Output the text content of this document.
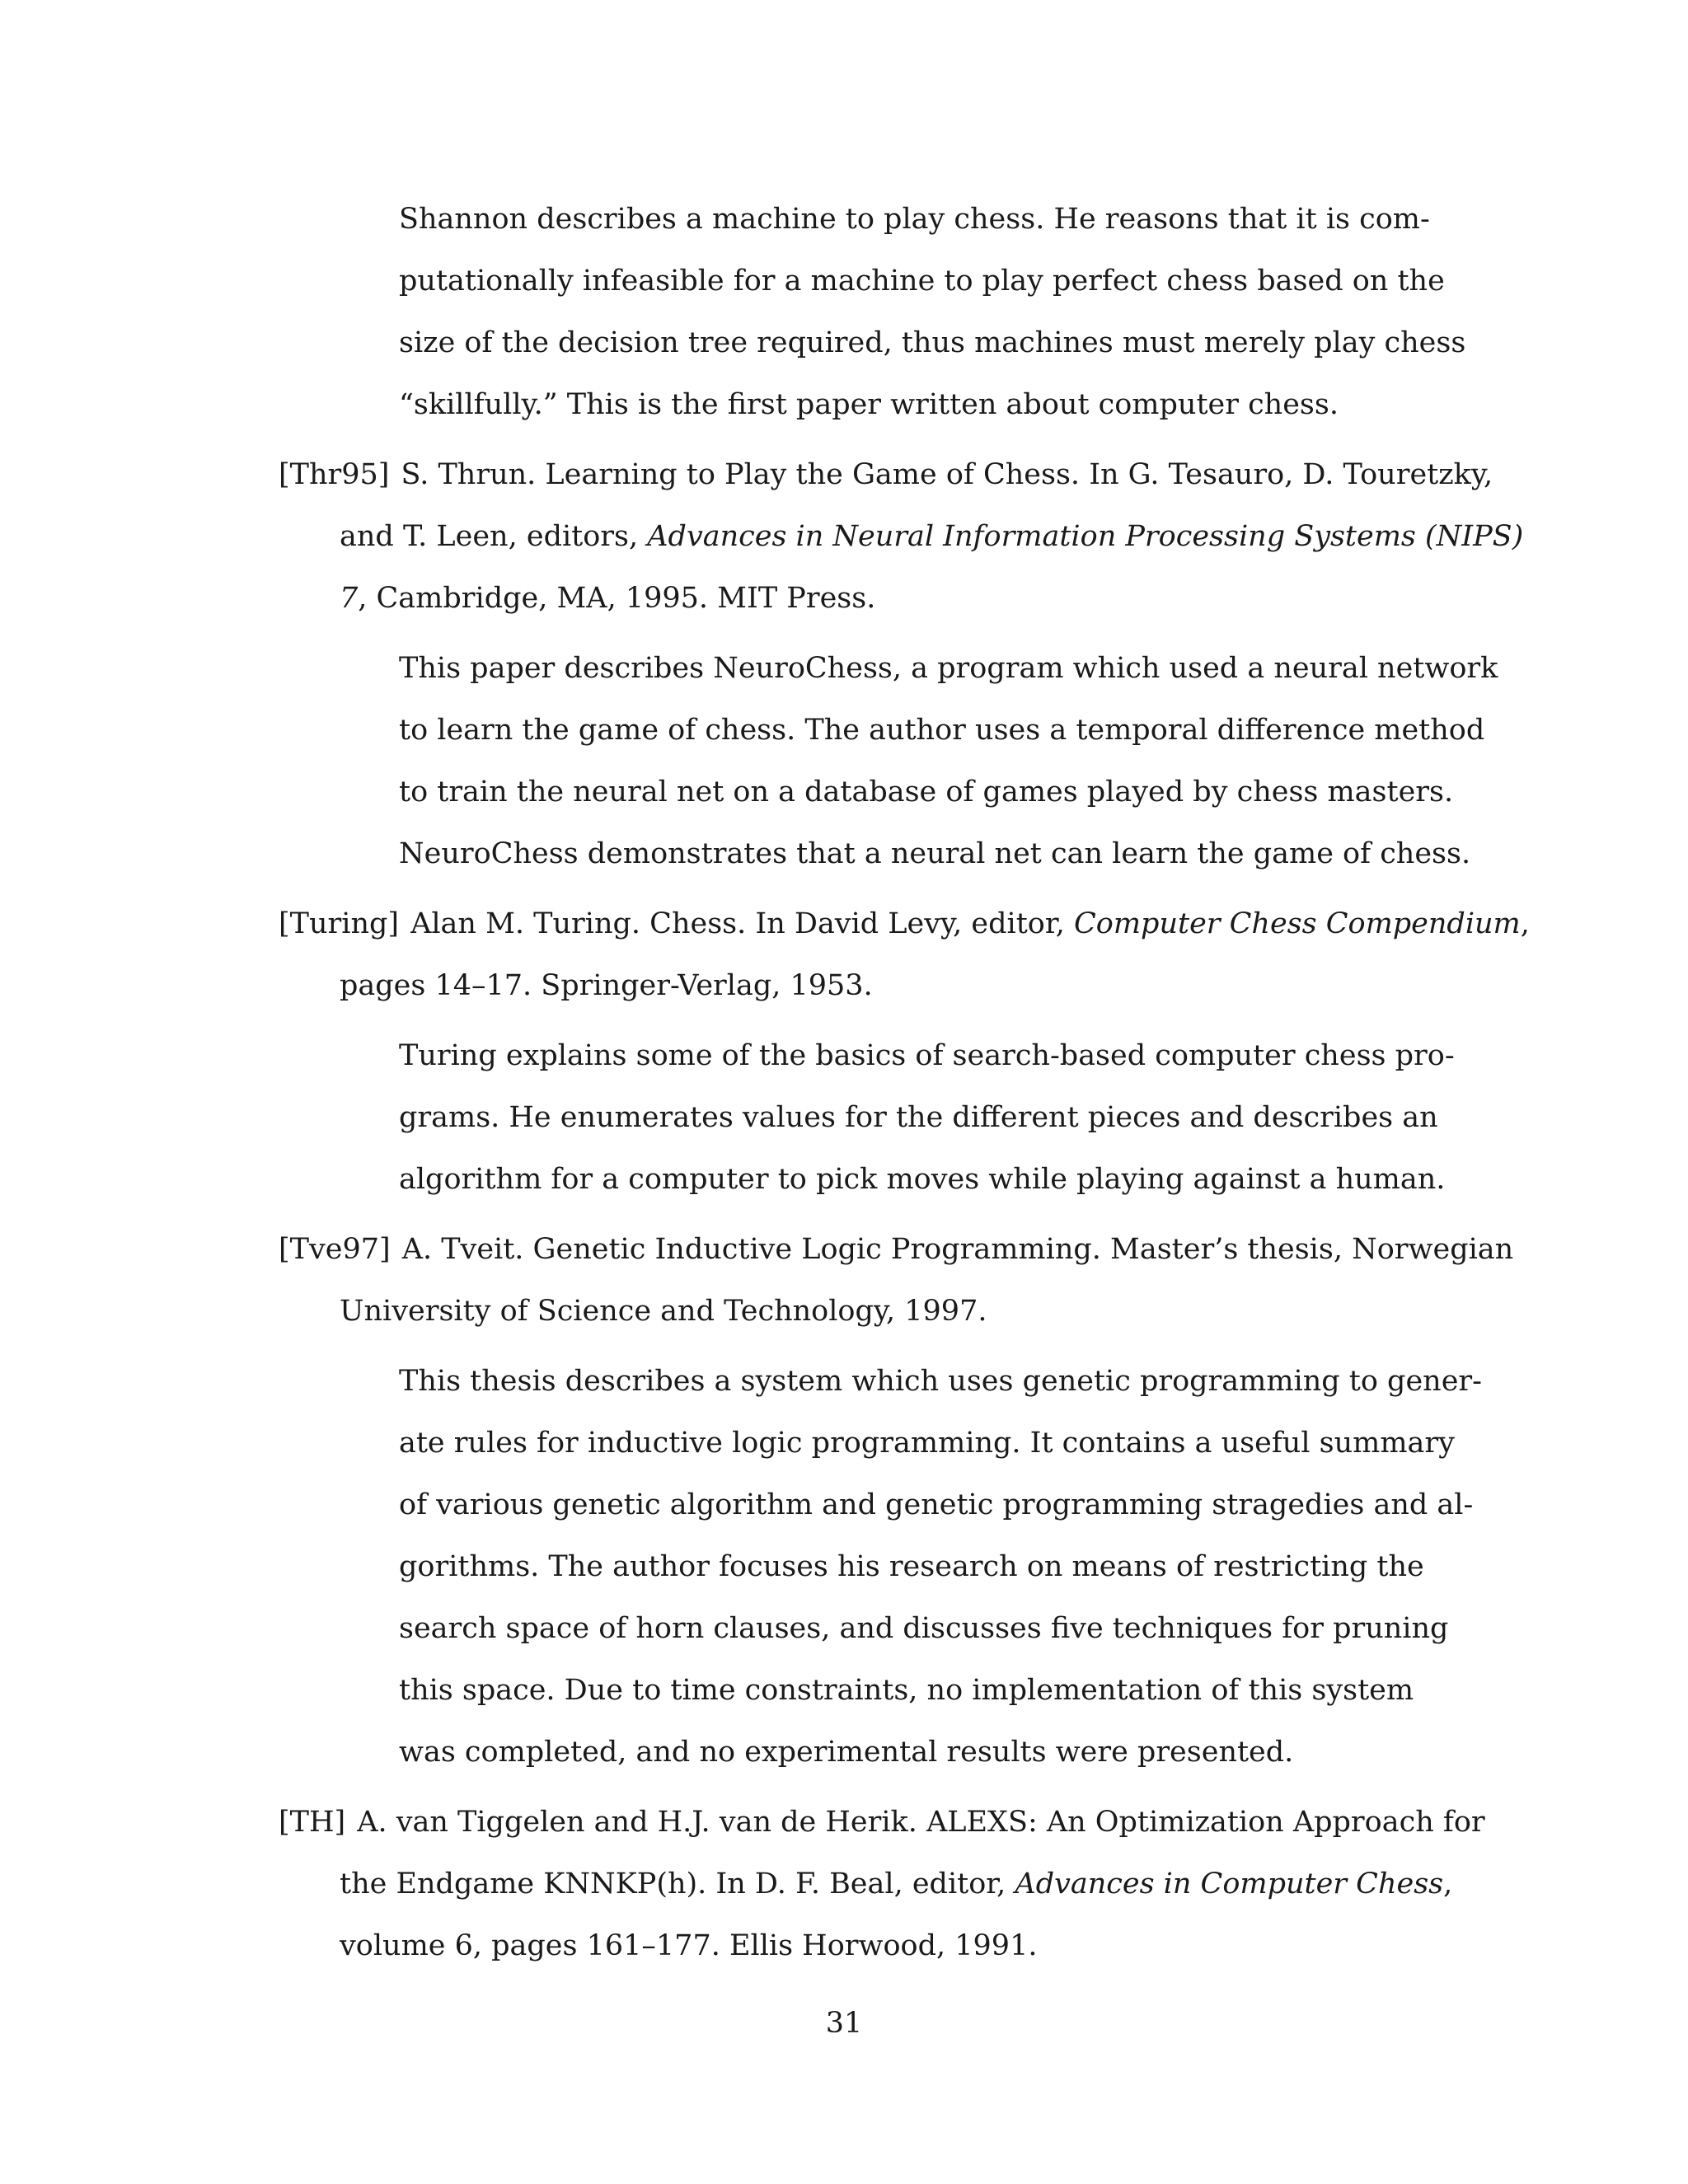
Shannon describes a machine to play chess. He reasons that it is com-

putationally infeasible for a machine to play perfect chess based on the

size of the decision tree required, thus machines must merely play chess

“skillfully.” This is the first paper written about computer chess.

[Thr95] S. Thrun. Learning to Play the Game of Chess. In G. Tesauro, D. Touretzky,

and T. Leen, editors, Advances in Neural Information Processing Systems (NIPS)

7, Cambridge, MA, 1995. MIT Press.

This paper describes NeuroChess, a program which used a neural network

to learn the game of chess. The author uses a temporal difference method

to train the neural net on a database of games played by chess masters.

NeuroChess demonstrates that a neural net can learn the game of chess.

[Turing] Alan M. Turing. Chess. In David Levy, editor, Computer Chess Compendium,

pages 14–17. Springer-Verlag, 1953.

Turing explains some of the basics of search-based computer chess pro-

grams. He enumerates values for the different pieces and describes an

algorithm for a computer to pick moves while playing against a human.

[Tve97] A. Tveit. Genetic Inductive Logic Programming. Master’s thesis, Norwegian

University of Science and Technology, 1997.

This thesis describes a system which uses genetic programming to gener-

ate rules for inductive logic programming. It contains a useful summary

of various genetic algorithm and genetic programming stragedies and al-

gorithms. The author focuses his research on means of restricting the

search space of horn clauses, and discusses five techniques for pruning

this space. Due to time constraints, no implementation of this system

was completed, and no experimental results were presented.

[TH] A. van Tiggelen and H.J. van de Herik. ALEXS: An Optimization Approach for

the Endgame KNNKP(h). In D. F. Beal, editor, Advances in Computer Chess,

volume 6, pages 161–177. Ellis Horwood, 1991.

31
